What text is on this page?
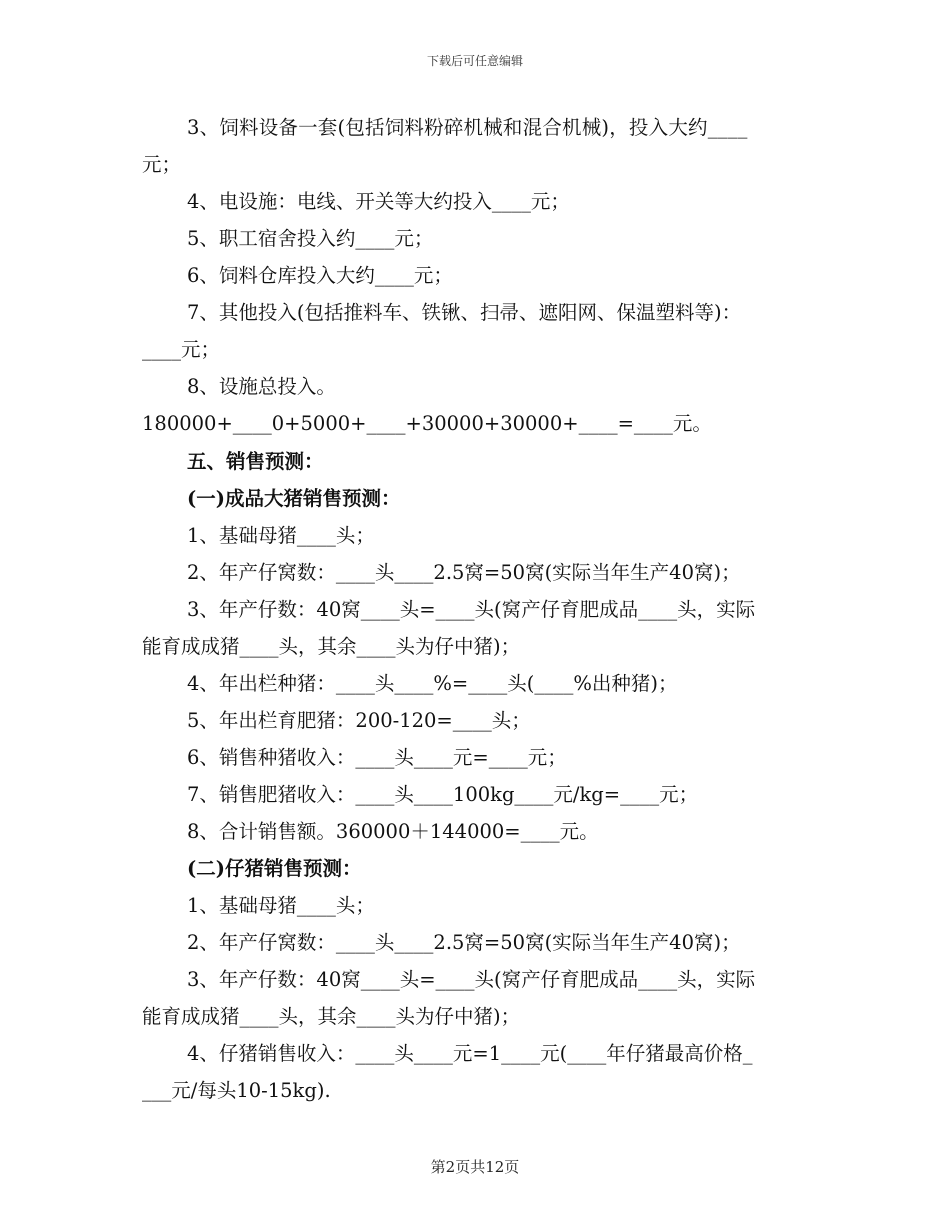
下载后可任意编辑
3、饲料设备一套(包括饲料粉碎机械和混合机械)，投入大约____
元；
4、电设施：电线、开关等大约投入____元；
5、职工宿舍投入约____元；
6、饲料仓库投入大约____元；
7、其他投入(包括推料车、铁锹、扫帚、遮阳网、保温塑料等)：
____元；
8、设施总投入。
180000+____0+5000+____+30000+30000+____=____元。
五、销售预测：
(一)成品大猪销售预测：
1、基础母猪____头；
2、年产仔窝数：____头____2.5窝=50窝(实际当年生产40窝)；
3、年产仔数：40窝____头=____头(窝产仔育肥成品____头，实际
能育成成猪____头，其余____头为仔中猪)；
4、年出栏种猪：____头____%=____头(____%出种猪)；
5、年出栏育肥猪：200-120=____头；
6、销售种猪收入：____头____元=____元；
7、销售肥猪收入：____头____100kg____元/kg=____元；
8、合计销售额。360000＋144000=____元。
(二)仔猪销售预测：
1、基础母猪____头；
2、年产仔窝数：____头____2.5窝=50窝(实际当年生产40窝)；
3、年产仔数：40窝____头=____头(窝产仔育肥成品____头，实际
能育成成猪____头，其余____头为仔中猪)；
4、仔猪销售收入：____头____元=1____元(____年仔猪最高价格_
___元/每头10-15kg).
第2页共12页
